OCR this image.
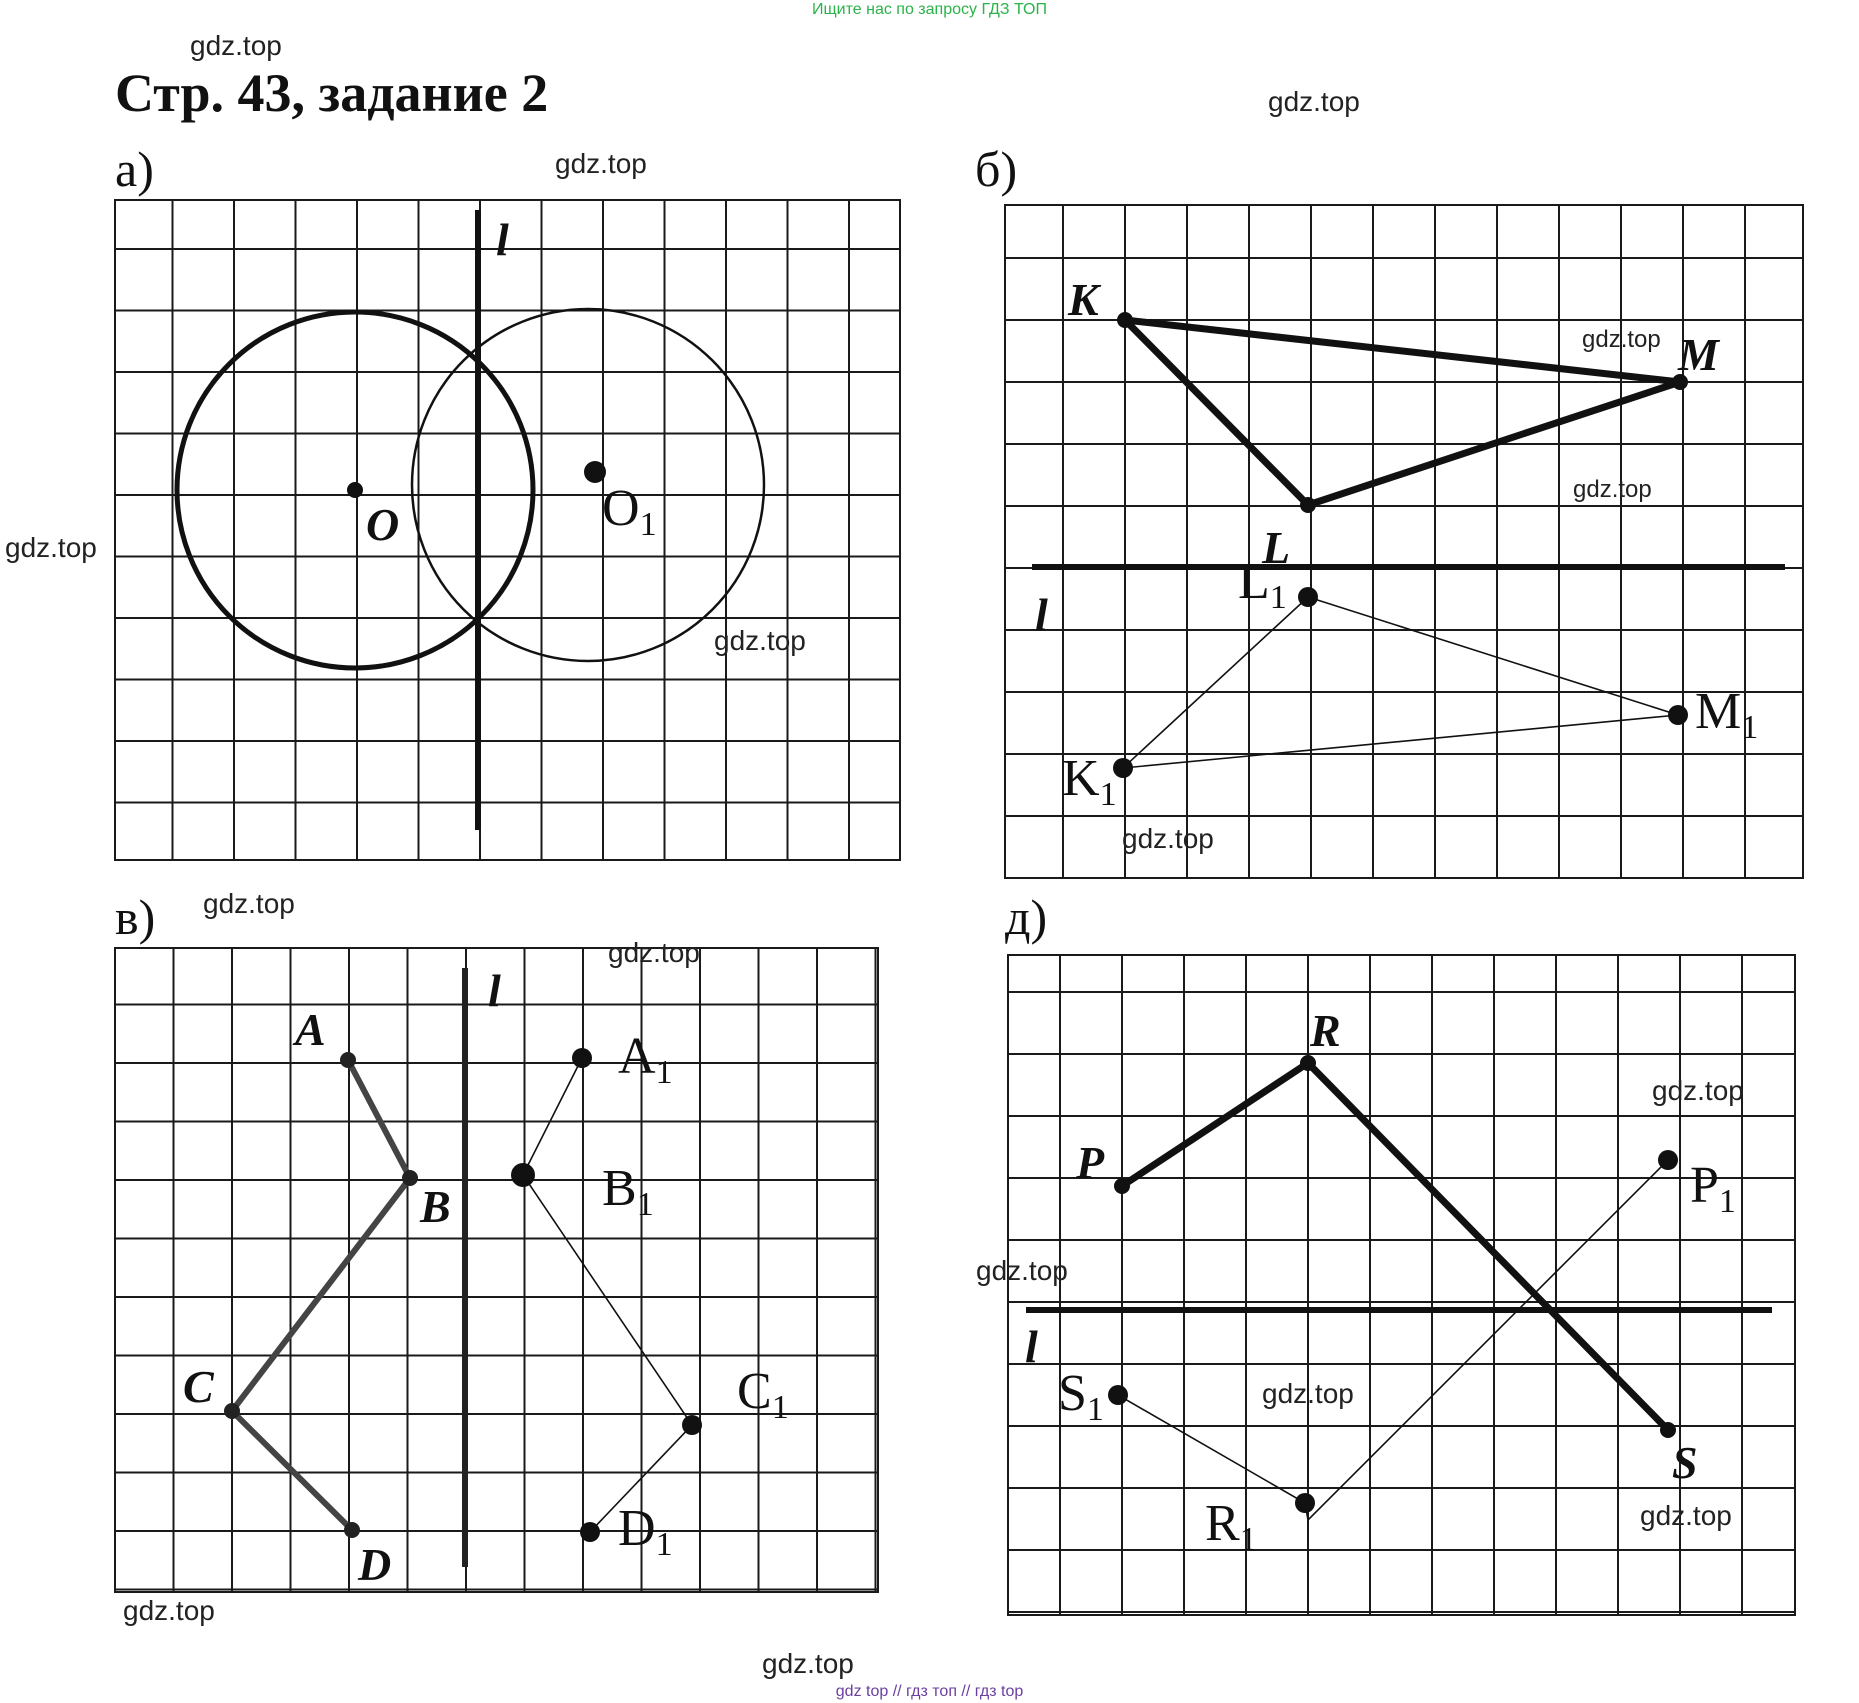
Ищите нас по запросу ГДЗ ТОП
Стр. 43, задание 2
а)	б)
в)	д)
l
O	O1
l
K
M
L
L1
M1
K1
l
A
B
C
D
A1
B1
C1
D1
l
R
P
S
P1
S1
R1
gdz.top
gdz.top
gdz.top
gdz.top
gdz.top
gdz.top
gdz.top
gdz.top
gdz.top
gdz.top
gdz.top
gdz.top
gdz.top
gdz.top
gdz.top
gdz.top
gdz top // гдз топ // гдз top
